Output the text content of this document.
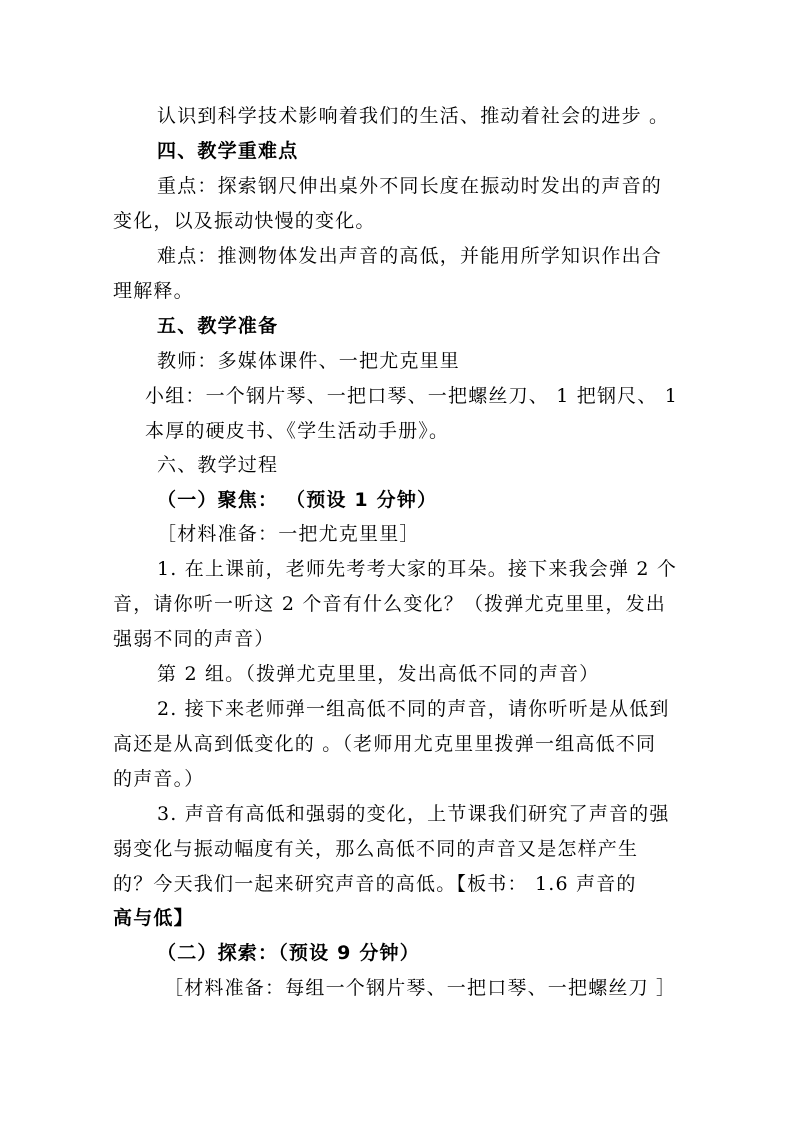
认识到科学技术影响着我们的生活、推动着社会的进步 。
四、教学重难点
重点：探索钢尺伸出桌外不同长度在振动时发出的声音的
变化，以及振动快慢的变化。
难点：推测物体发出声音的高低，并能用所学知识作出合
理解释。
五、教学准备
教师：多媒体课件、一把尤克里里
小组：一个钢片琴、一把口琴、一把螺丝刀、 1 把钢尺、 1
本厚的硬皮书、《学生活动手册》。
六、教学过程
（一）聚焦： （预设 1 分钟）
［材料准备：一把尤克里里］
1. 在上课前，老师先考考大家的耳朵。接下来我会弹 2 个
音，请你听一听这 2 个音有什么变化？（拨弹尤克里里，发出
强弱不同的声音）
第 2 组。（拨弹尤克里里，发出高低不同的声音）
2. 接下来老师弹一组高低不同的声音，请你听听是从低到
高还是从高到低变化的 。（老师用尤克里里拨弹一组高低不同
的声音。）
3. 声音有高低和强弱的变化，上节课我们研究了声音的强
弱变化与振动幅度有关，那么高低不同的声音又是怎样产生
的？今天我们一起来研究声音的高低。【板书： 1.6 声音的
高与低】
（二）探索：（预设 9 分钟）
［材料准备：每组一个钢片琴、一把口琴、一把螺丝刀 ］
